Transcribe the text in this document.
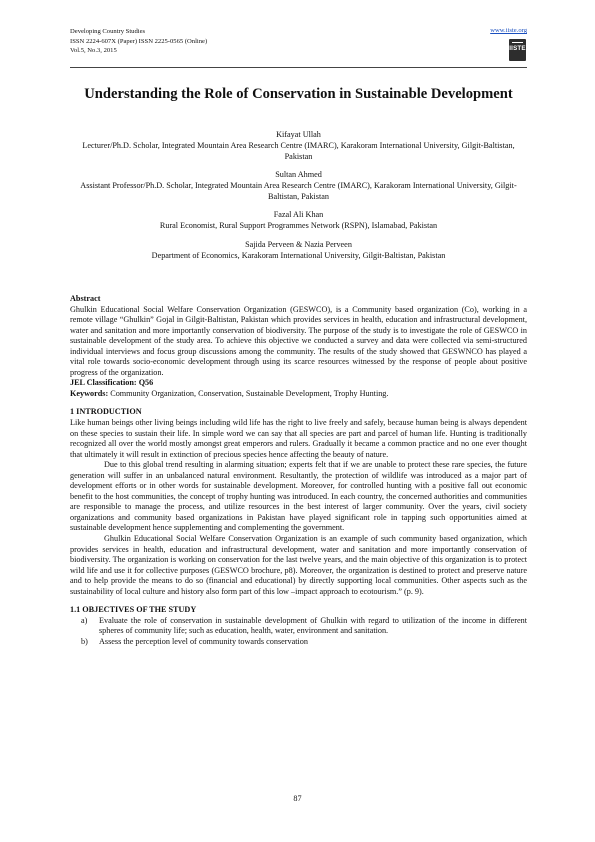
Developing Country Studies
ISSN 2224-607X (Paper) ISSN 2225-0565 (Online)
Vol.5, No.3, 2015
www.iiste.org
IISTE
Understanding the Role of Conservation in Sustainable Development
Kifayat Ullah
Lecturer/Ph.D. Scholar, Integrated Mountain Area Research Centre (IMARC), Karakoram International University, Gilgit-Baltistan, Pakistan
Sultan Ahmed
Assistant Professor/Ph.D. Scholar, Integrated Mountain Area Research Centre (IMARC), Karakoram International University, Gilgit-Baltistan, Pakistan
Fazal Ali Khan
Rural Economist, Rural Support Programmes Network (RSPN), Islamabad, Pakistan
Sajida Perveen & Nazia Perveen
Department of Economics, Karakoram International University, Gilgit-Baltistan, Pakistan
Abstract
Ghulkin Educational Social Welfare Conservation Organization (GESWCO), is a Community based organization (Co), working in a remote village “Ghulkin” Gojal in Gilgit-Baltistan, Pakistan which provides services in health, education and infrastructural development, water and sanitation and more importantly conservation of biodiversity. The purpose of the study is to investigate the role of GESWCO in sustainable development of the study area. To achieve this objective we conducted a survey and data were collected via semi-structured individual interviews and focus group discussions among the community. The results of the study showed that GESWNCO has played a vital role towards socio-economic development through using its scarce resources witnessed by the response of people about positive progress of the organization.
JEL Classification: Q56
Keywords: Community Organization, Conservation, Sustainable Development, Trophy Hunting.
1 INTRODUCTION
Like human beings other living beings including wild life has the right to live freely and safely, because human being is always dependent on these species to sustain their life. In simple word we can say that all species are part and parcel of human life. Hunting is traditionally recognized all over the world mostly amongst great emperors and rulers. Gradually it became a common practice and no one ever thought that ultimately it will result in extinction of precious species hence affecting the beauty of nature.
Due to this global trend resulting in alarming situation; experts felt that if we are unable to protect these rare species, the future generation will suffer in an unbalanced natural environment. Resultantly, the protection of wildlife was introduced as a major part of development efforts or in other words for sustainable development. Moreover, for controlled hunting with a positive fall out economic benefit to the host communities, the concept of trophy hunting was introduced. In each country, the concerned authorities and communities are responsible to manage the process, and utilize resources in the best interest of larger community. Over the years, civil society organizations and community based organizations in Pakistan have played significant role in tapping such opportunities aimed at sustainable development hence supplementing and complementing the government.
Ghulkin Educational Social Welfare Conservation Organization is an example of such community based organization, which provides services in health, education and infrastructural development, water and sanitation and more importantly conservation of biodiversity. The organization is working on conservation for the last twelve years, and the main objective of this organization is to protect wild life and use it for collective purposes (GESWCO brochure, p8). Moreover, the organization is destined to protect and preserve nature and to help provide the means to do so (financial and educational) by directly supporting local communities. Other aspects such as the sustainability of local culture and history also form part of this low –impact approach to ecotourism.” (p. 9).
1.1 OBJECTIVES OF THE STUDY
a) Evaluate the role of conservation in sustainable development of Ghulkin with regard to utilization of the income in different spheres of community life; such as education, health, water, environment and sanitation.
b) Assess the perception level of community towards conservation
87
